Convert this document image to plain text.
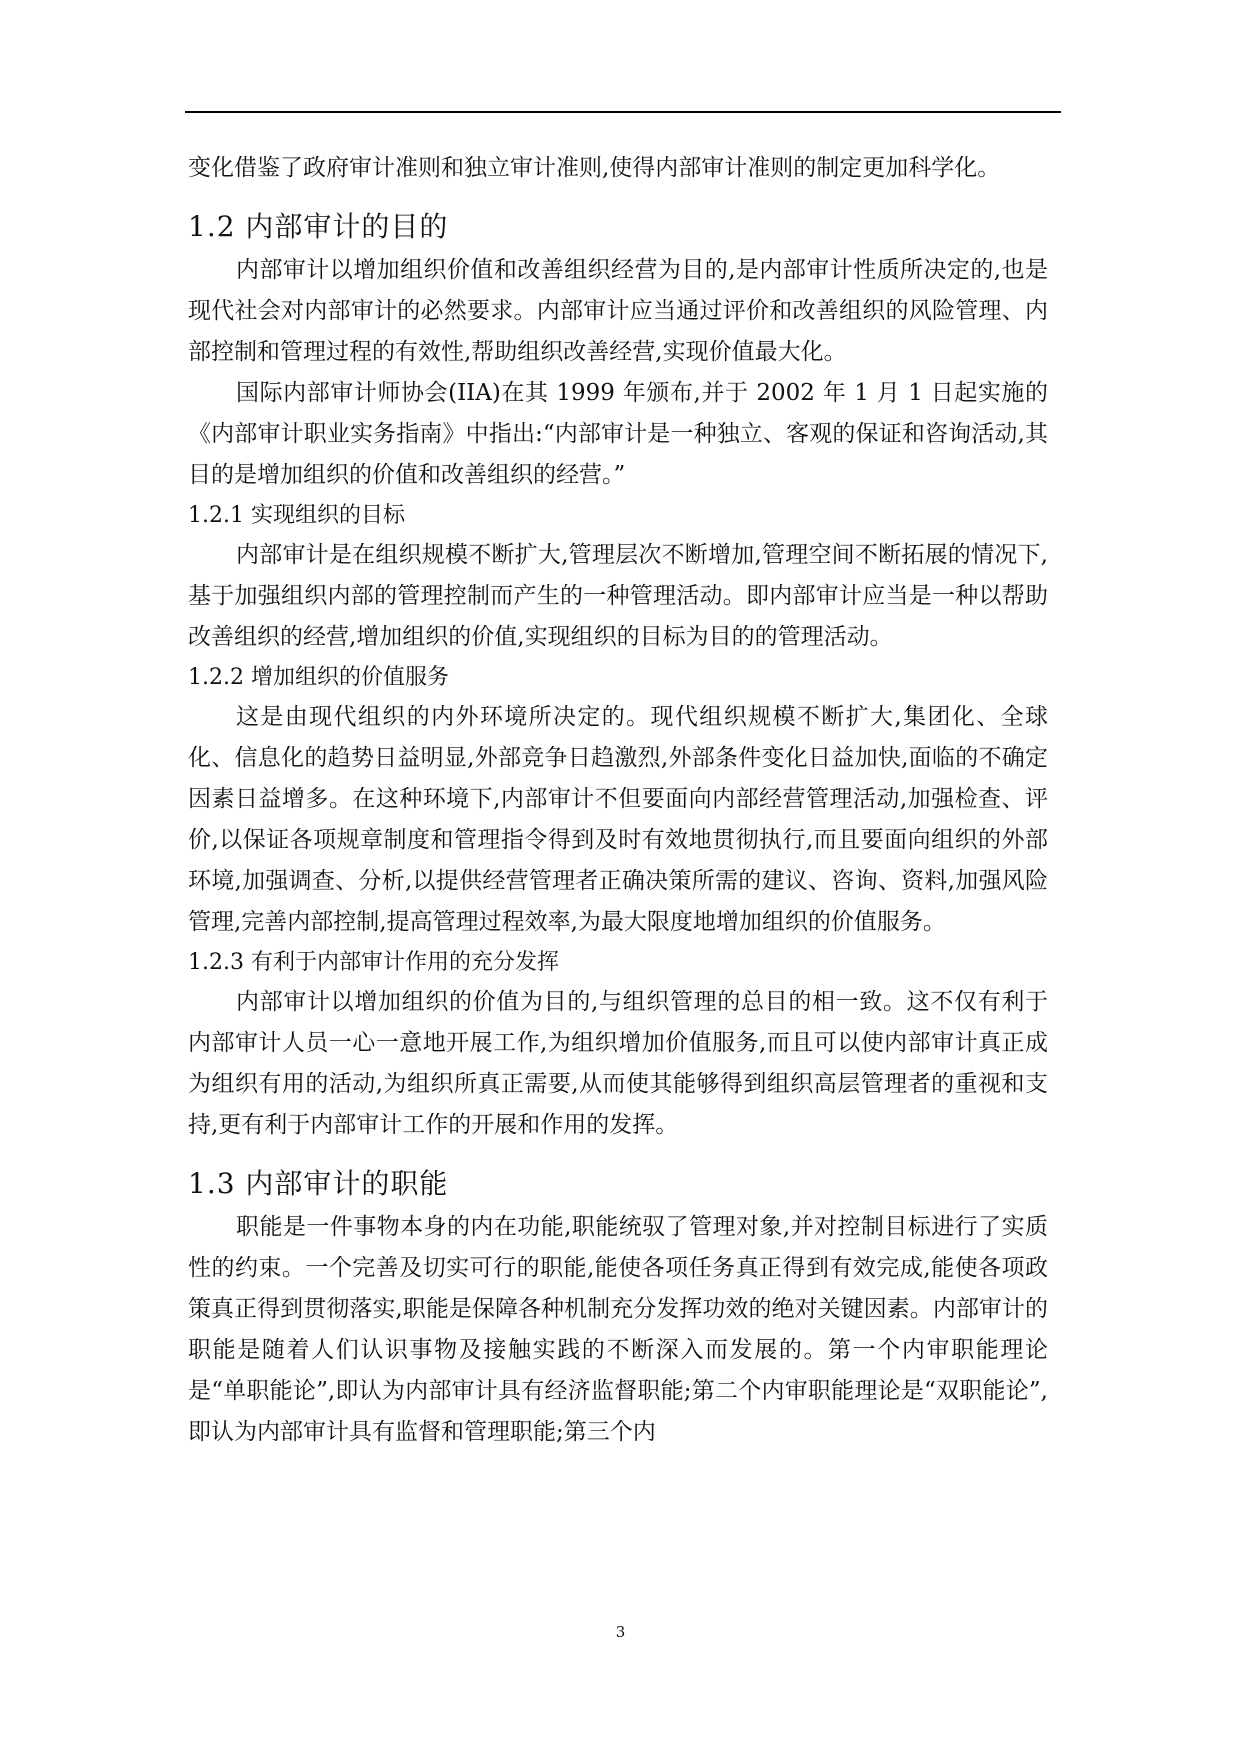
变化借鉴了政府审计准则和独立审计准则,使得内部审计准则的制定更加科学化。

1.2 内部审计的目的

内部审计以增加组织价值和改善组织经营为目的,是内部审计性质所决定的,也是现代社会对内部审计的必然要求。内部审计应当通过评价和改善组织的风险管理、内部控制和管理过程的有效性,帮助组织改善经营,实现价值最大化。

国际内部审计师协会(IIA)在其 1999 年颁布,并于 2002 年 1 月 1 日起实施的《内部审计职业实务指南》中指出:“内部审计是一种独立、客观的保证和咨询活动,其目的是增加组织的价值和改善组织的经营。”

1.2.1 实现组织的目标

内部审计是在组织规模不断扩大,管理层次不断增加,管理空间不断拓展的情况下,基于加强组织内部的管理控制而产生的一种管理活动。即内部审计应当是一种以帮助改善组织的经营,增加组织的价值,实现组织的目标为目的的管理活动。

1.2.2 增加组织的价值服务

这是由现代组织的内外环境所决定的。现代组织规模不断扩大,集团化、全球化、信息化的趋势日益明显,外部竞争日趋激烈,外部条件变化日益加快,面临的不确定因素日益增多。在这种环境下,内部审计不但要面向内部经营管理活动,加强检查、评价,以保证各项规章制度和管理指令得到及时有效地贯彻执行,而且要面向组织的外部环境,加强调查、分析,以提供经营管理者正确决策所需的建议、咨询、资料,加强风险管理,完善内部控制,提高管理过程效率,为最大限度地增加组织的价值服务。

1.2.3 有利于内部审计作用的充分发挥

内部审计以增加组织的价值为目的,与组织管理的总目的相一致。这不仅有利于内部审计人员一心一意地开展工作,为组织增加价值服务,而且可以使内部审计真正成为组织有用的活动,为组织所真正需要,从而使其能够得到组织高层管理者的重视和支持,更有利于内部审计工作的开展和作用的发挥。

1.3 内部审计的职能

职能是一件事物本身的内在功能,职能统驭了管理对象,并对控制目标进行了实质性的约束。一个完善及切实可行的职能,能使各项任务真正得到有效完成,能使各项政策真正得到贯彻落实,职能是保障各种机制充分发挥功效的绝对关键因素。内部审计的职能是随着人们认识事物及接触实践的不断深入而发展的。第一个内审职能理论是“单职能论”,即认为内部审计具有经济监督职能;第二个内审职能理论是“双职能论”,即认为内部审计具有监督和管理职能;第三个内

3
